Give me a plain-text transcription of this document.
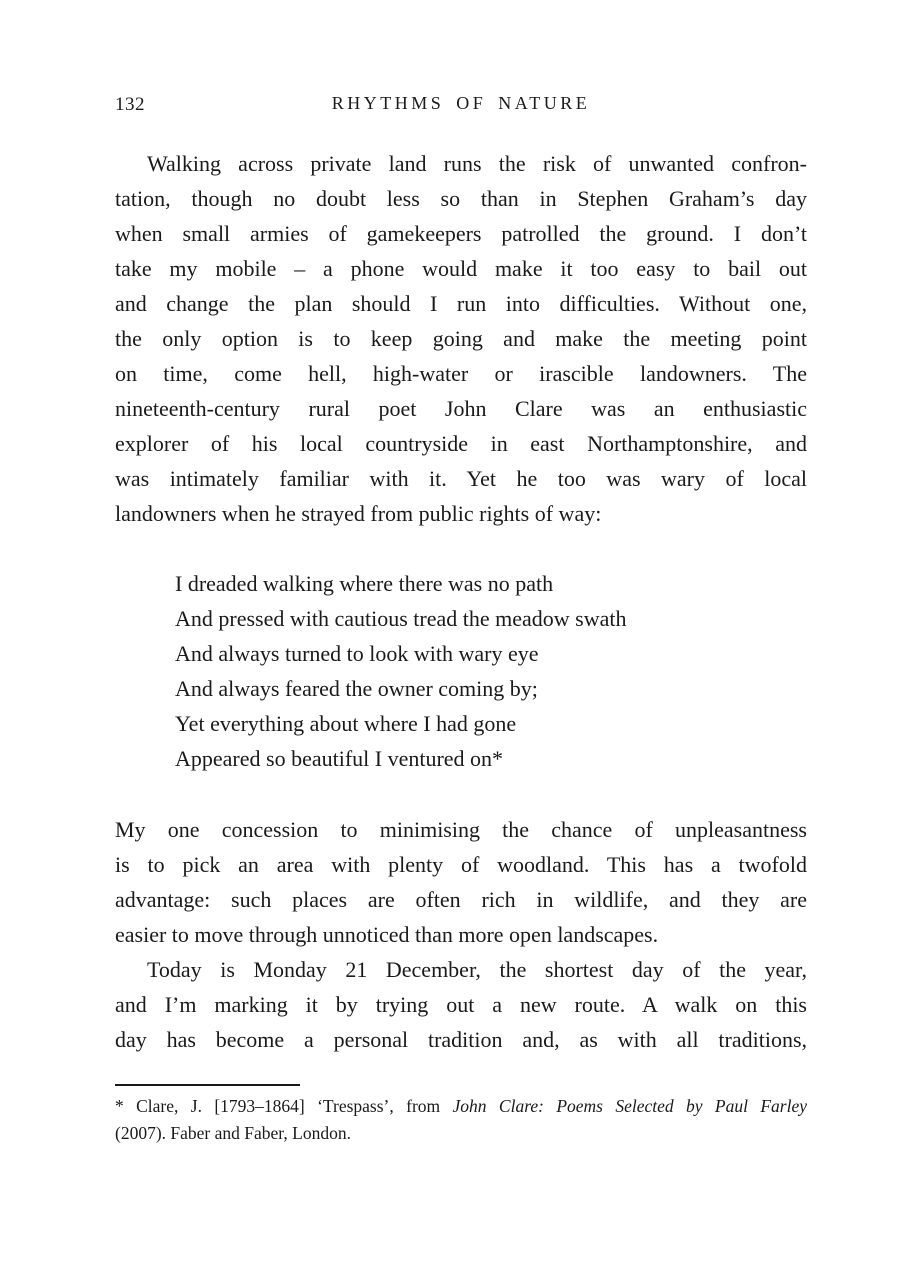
132	RHYTHMS OF NATURE
Walking across private land runs the risk of unwanted confron-
tation, though no doubt less so than in Stephen Graham’s day
when small armies of gamekeepers patrolled the ground. I don’t
take my mobile – a phone would make it too easy to bail out
and change the plan should I run into difficulties. Without one,
the only option is to keep going and make the meeting point
on time, come hell, high-water or irascible landowners. The
nineteenth-century rural poet John Clare was an enthusiastic
explorer of his local countryside in east Northamptonshire, and
was intimately familiar with it. Yet he too was wary of local
landowners when he strayed from public rights of way:
I dreaded walking where there was no path
And pressed with cautious tread the meadow swath
And always turned to look with wary eye
And always feared the owner coming by;
Yet everything about where I had gone
Appeared so beautiful I ventured on*
My one concession to minimising the chance of unpleasantness
is to pick an area with plenty of woodland. This has a twofold
advantage: such places are often rich in wildlife, and they are
easier to move through unnoticed than more open landscapes.
Today is Monday 21 December, the shortest day of the year,
and I’m marking it by trying out a new route. A walk on this
day has become a personal tradition and, as with all traditions,
* Clare, J. [1793–1864] ‘Trespass’, from John Clare: Poems Selected by Paul Farley
(2007). Faber and Faber, London.
